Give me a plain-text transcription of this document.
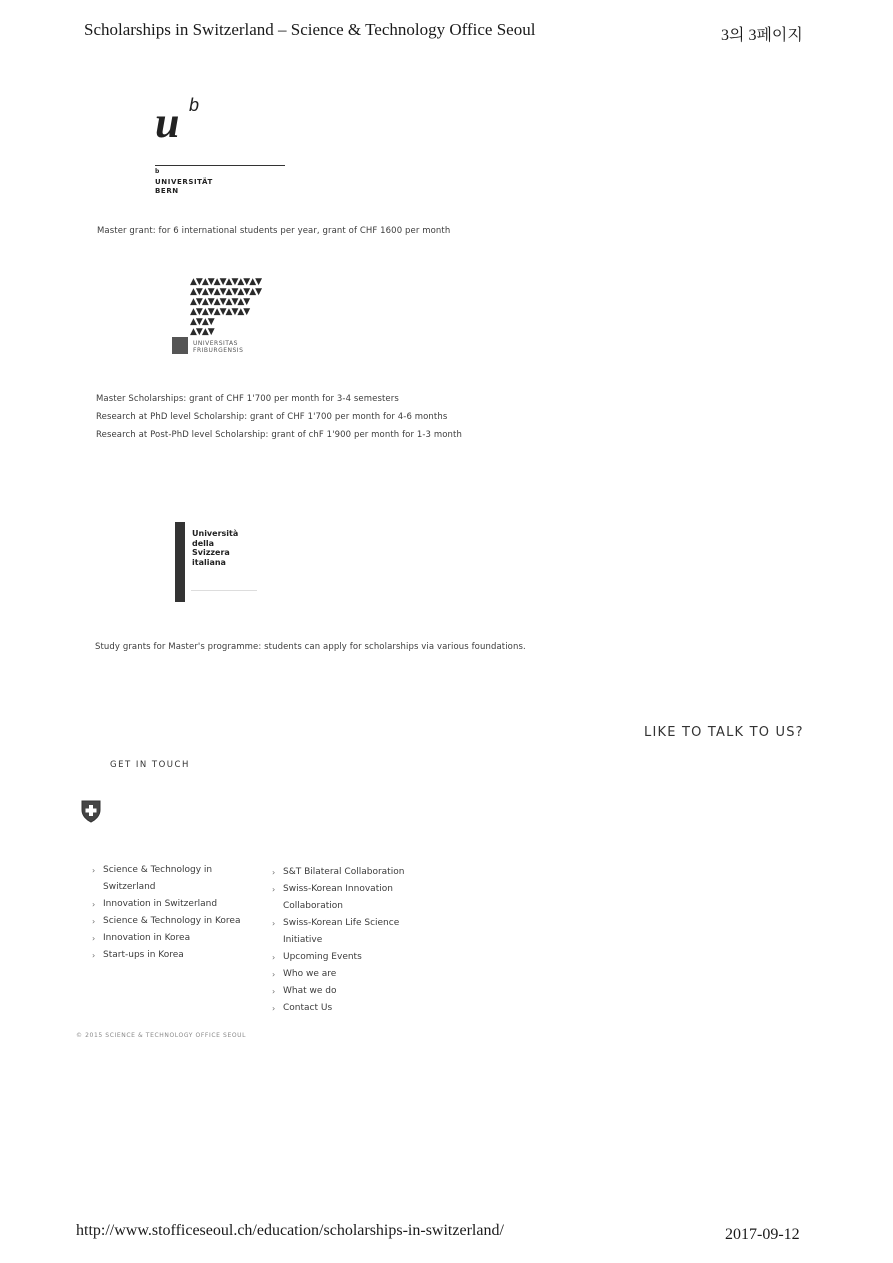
Scholarships in Switzerland – Science & Technology Office Seoul	3의 3페이지
u b
b
UNIVERSITÄT
BERN
Master grant: for 6 international students per year, grant of CHF 1600 per month
▲▼▲▼▲▼▲▼▲▼▲▼
▲▼▲▼▲▼▲▼▲▼▲▼
▲▼▲▼▲▼▲▼▲▼
▲▼▲▼▲▼▲▼▲▼
▲▼▲▼
▲▼▲▼
UNIVERSITAS
FRIBURGENSIS
Master Scholarships: grant of CHF 1'700 per month for 3-4 semesters
Research at PhD level Scholarship: grant of CHF 1'700 per month for 4-6 months
Research at Post-PhD level Scholarship: grant of chF 1'900 per month for 1-3 month
Università
della
Svizzera
italiana
Study grants for Master's programme: students can apply for scholarships via various foundations.
LIKE TO TALK TO US?
GET IN TOUCH
› Science & Technology in
Switzerland
› Innovation in Switzerland
› Science & Technology in Korea
› Innovation in Korea
› Start-ups in Korea
› S&T Bilateral Collaboration
› Swiss-Korean Innovation
Collaboration
› Swiss-Korean Life Science
Initiative
› Upcoming Events
› Who we are
› What we do
› Contact Us
© 2015 SCIENCE & TECHNOLOGY OFFICE SEOUL
http://www.stofficeseoul.ch/education/scholarships-in-switzerland/	2017-09-12
